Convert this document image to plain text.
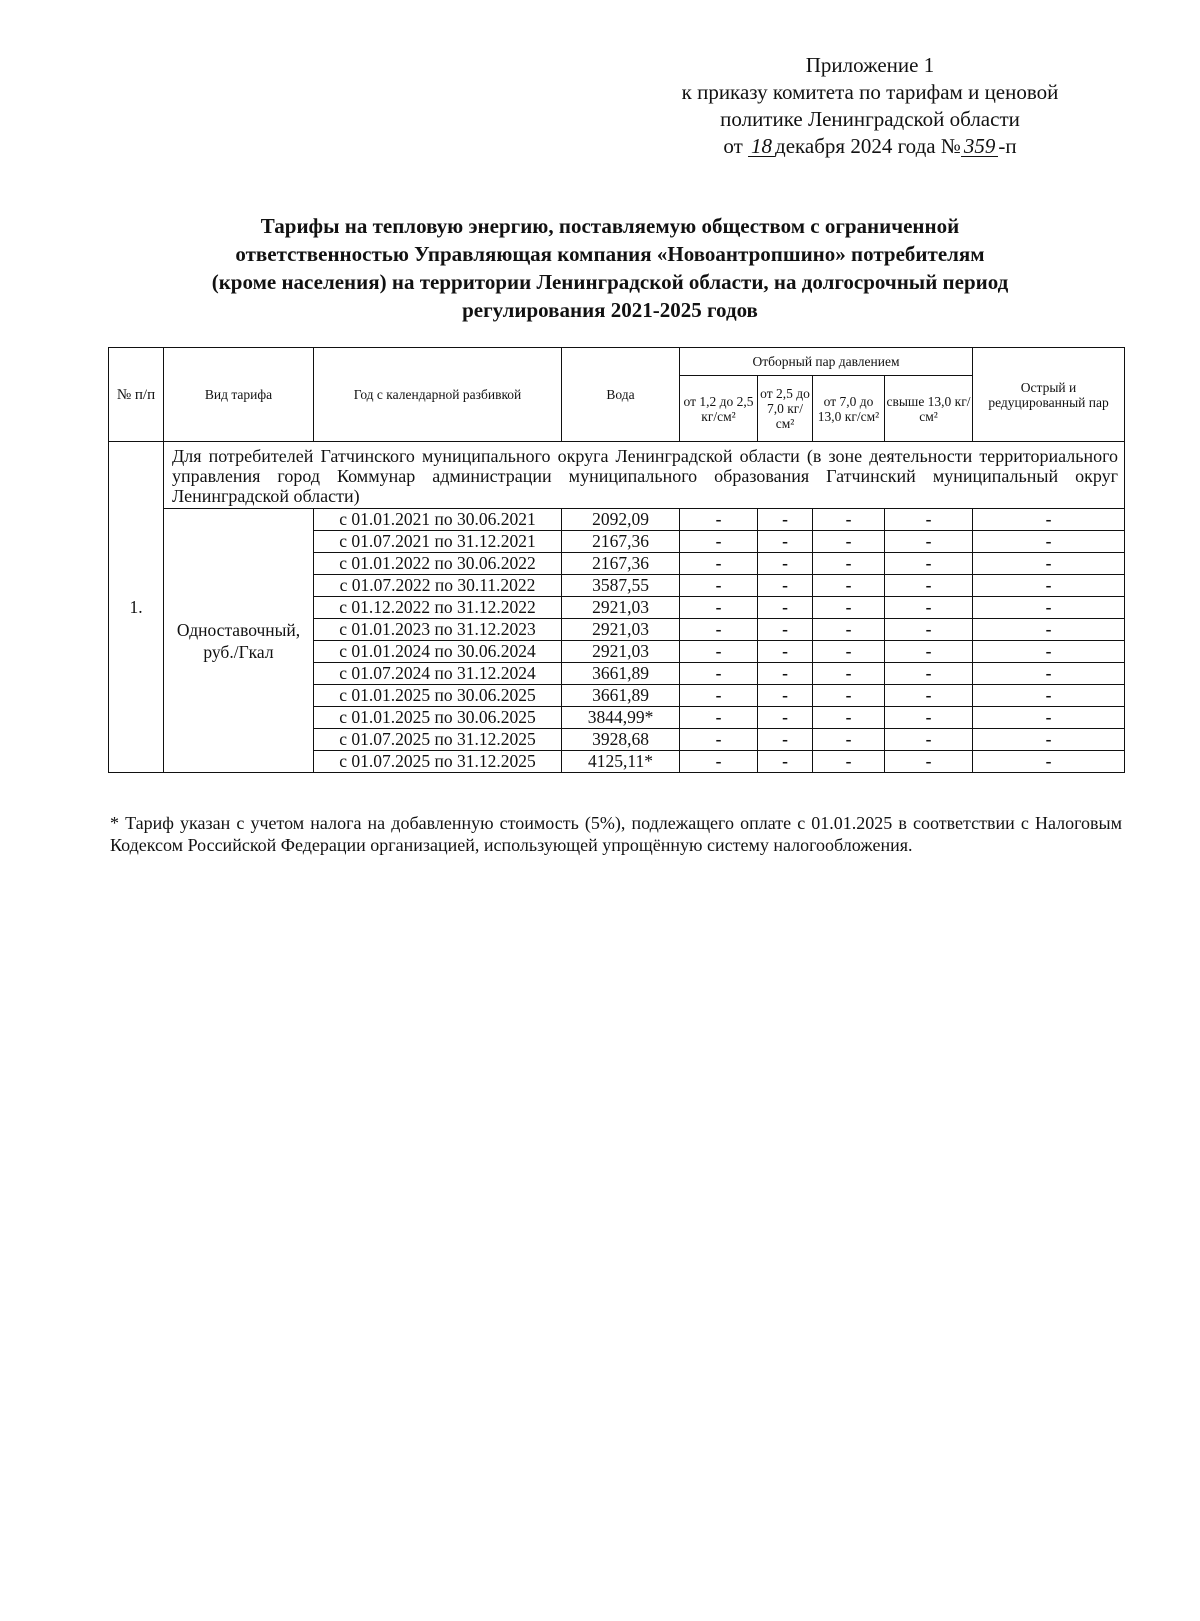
Приложение 1
к приказу комитета по тарифам и ценовой
политике Ленинградской области
от 18 декабря 2024 года № 359 -п
Тарифы на тепловую энергию, поставляемую обществом с ограниченной
ответственностью Управляющая компания «Новоантропшино» потребителям
(кроме населения) на территории Ленинградской области, на долгосрочный период
регулирования 2021-2025 годов
№ п/п	Вид тарифа	Год с календарной разбивкой	Вода	Отборный пар давлением				Острый и редуцированный пар
				от 1,2 до 2,5 кг/см²	от 2,5 до 7,0 кг/см²	от 7,0 до 13,0 кг/см²	свыше 13,0 кг/см²	
1.	Для потребителей Гатчинского муниципального округа Ленинградской области (в зоне деятельности территориального управления город Коммунар администрации муниципального образования Гатчинский муниципальный округ Ленинградской области)							
	Одноставочный, руб./Гкал	с 01.01.2021 по 30.06.2021	2092,09	-	-	-	-	-
		с 01.07.2021 по 31.12.2021	2167,36	-	-	-	-	-
		с 01.01.2022 по 30.06.2022	2167,36	-	-	-	-	-
		с 01.07.2022 по 30.11.2022	3587,55	-	-	-	-	-
		с 01.12.2022 по 31.12.2022	2921,03	-	-	-	-	-
		с 01.01.2023 по 31.12.2023	2921,03	-	-	-	-	-
		с 01.01.2024 по 30.06.2024	2921,03	-	-	-	-	-
		с 01.07.2024 по 31.12.2024	3661,89	-	-	-	-	-
		с 01.01.2025 по 30.06.2025	3661,89	-	-	-	-	-
		с 01.01.2025 по 30.06.2025	3844,99*	-	-	-	-	-
		с 01.07.2025 по 31.12.2025	3928,68	-	-	-	-	-
		с 01.07.2025 по 31.12.2025	4125,11*	-	-	-	-	-
* Тариф указан с учетом налога на добавленную стоимость (5%), подлежащего оплате с 01.01.2025 в соответствии с Налоговым Кодексом Российской Федерации организацией, использующей упрощённую систему налогообложения.
